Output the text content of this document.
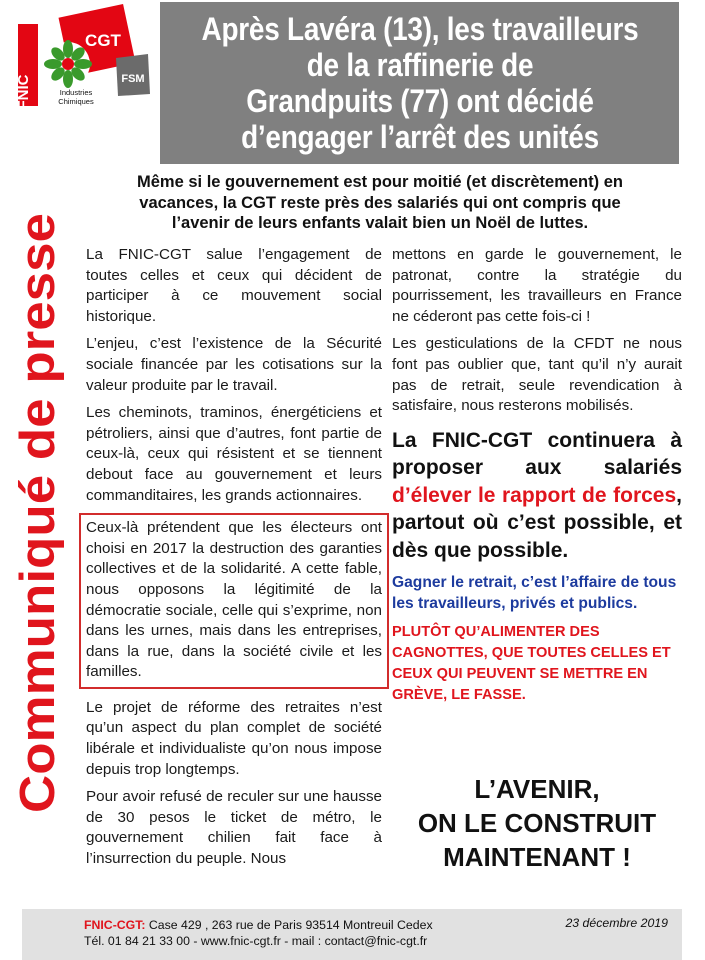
FNIC
CGT
FSM
Industries
Chimiques
Après Lavéra (13), les travailleurs
de la raffinerie de
Grandpuits (77) ont décidé
d’engager l’arrêt des unités
Même si le gouvernement est pour moitié (et discrètement) en
vacances, la CGT reste près des salariés qui ont compris que
l’avenir de leurs enfants valait bien un Noël de luttes.
Communiqué de presse

La FNIC-CGT salue l’engagement de toutes celles et ceux qui décident de participer à ce mouvement social historique.

L’enjeu, c’est l’existence de la Sécurité sociale financée par les cotisations sur la valeur produite par le travail.

Les cheminots, traminos, énergéticiens et pétroliers, ainsi que d’autres, font partie de ceux-là, ceux qui résistent et se tiennent debout face au gouvernement et leurs commanditaires, les grands actionnaires.

Ceux-là prétendent que les électeurs ont choisi en 2017 la destruction des garanties collectives et de la solidarité. A cette fable, nous opposons la légitimité de la démocratie sociale, celle qui s’exprime, non dans les urnes, mais dans les entreprises, dans la rue, dans la société civile et les familles.

Le projet de réforme des retraites n’est qu’un aspect du plan complet de société libérale et individualiste qu’on nous impose depuis trop longtemps.

Pour avoir refusé de reculer sur une hausse de 30 pesos le ticket de métro, le gouvernement chilien fait face à l’insurrection du peuple. Nous

mettons en garde le gouvernement, le patronat, contre la stratégie du pourrissement, les travailleurs en France ne céderont pas cette fois-ci !

Les gesticulations de la CFDT ne nous font pas oublier que, tant qu’il n’y aurait pas de retrait, seule revendication à satisfaire, nous resterons mobilisés.

La FNIC-CGT continuera à proposer aux salariés d’élever le rapport de forces, partout où c’est possible, et dès que possible.

Gagner le retrait, c’est l’affaire de tous les travailleurs, privés et publics.

PLUTÔT QU’ALIMENTER DES CAGNOTTES, QUE TOUTES CELLES ET CEUX QUI PEUVENT SE METTRE EN GRÈVE, LE FASSE.

L’AVENIR,
ON LE CONSTRUIT
MAINTENANT !
FNIC-CGT: Case 429 , 263 rue de Paris 93514 Montreuil Cedex
Tél. 01 84 21 33 00 - www.fnic-cgt.fr - mail : contact@fnic-cgt.fr
23 décembre 2019
